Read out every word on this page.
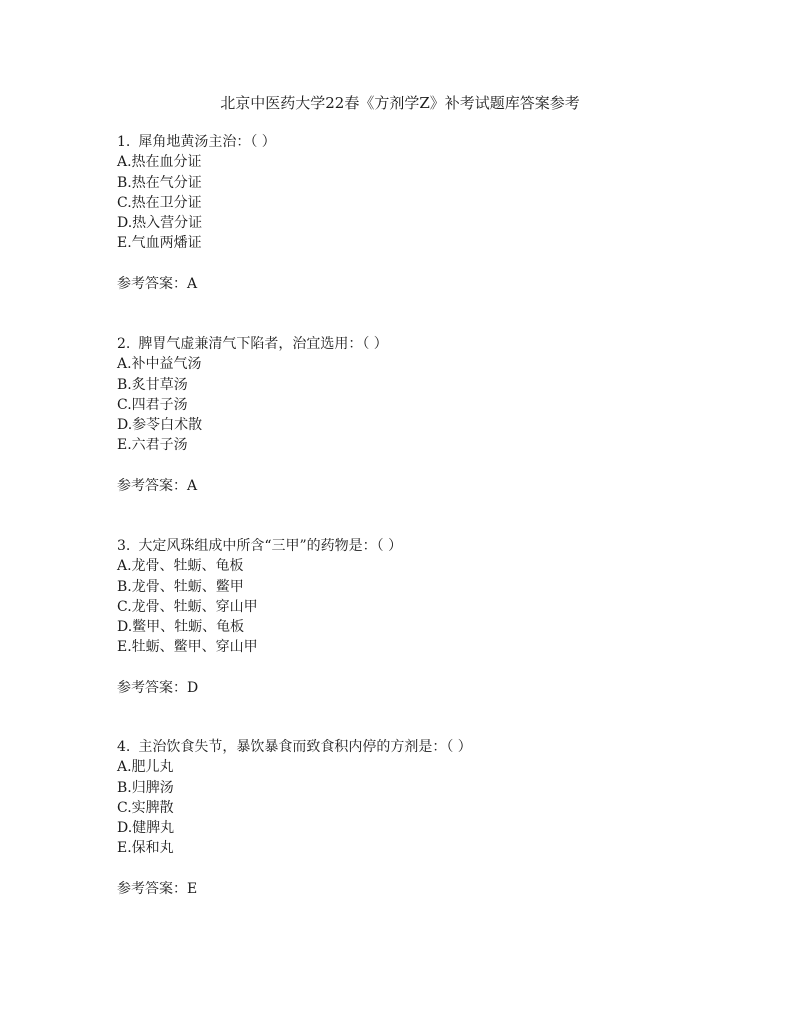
北京中医药大学22春《方剂学Z》补考试题库答案参考
1. 犀角地黄汤主治：（ ）
A.热在血分证
B.热在气分证
C.热在卫分证
D.热入营分证
E.气血两燔证
参考答案：A
2. 脾胃气虚兼清气下陷者，治宜选用：（ ）
A.补中益气汤
B.炙甘草汤
C.四君子汤
D.参苓白术散
E.六君子汤
参考答案：A
3. 大定风珠组成中所含“三甲”的药物是：（ ）
A.龙骨、牡蛎、龟板
B.龙骨、牡蛎、鳖甲
C.龙骨、牡蛎、穿山甲
D.鳖甲、牡蛎、龟板
E.牡蛎、鳖甲、穿山甲
参考答案：D
4. 主治饮食失节，暴饮暴食而致食积内停的方剂是：（ ）
A.肥儿丸
B.归脾汤
C.实脾散
D.健脾丸
E.保和丸
参考答案：E
